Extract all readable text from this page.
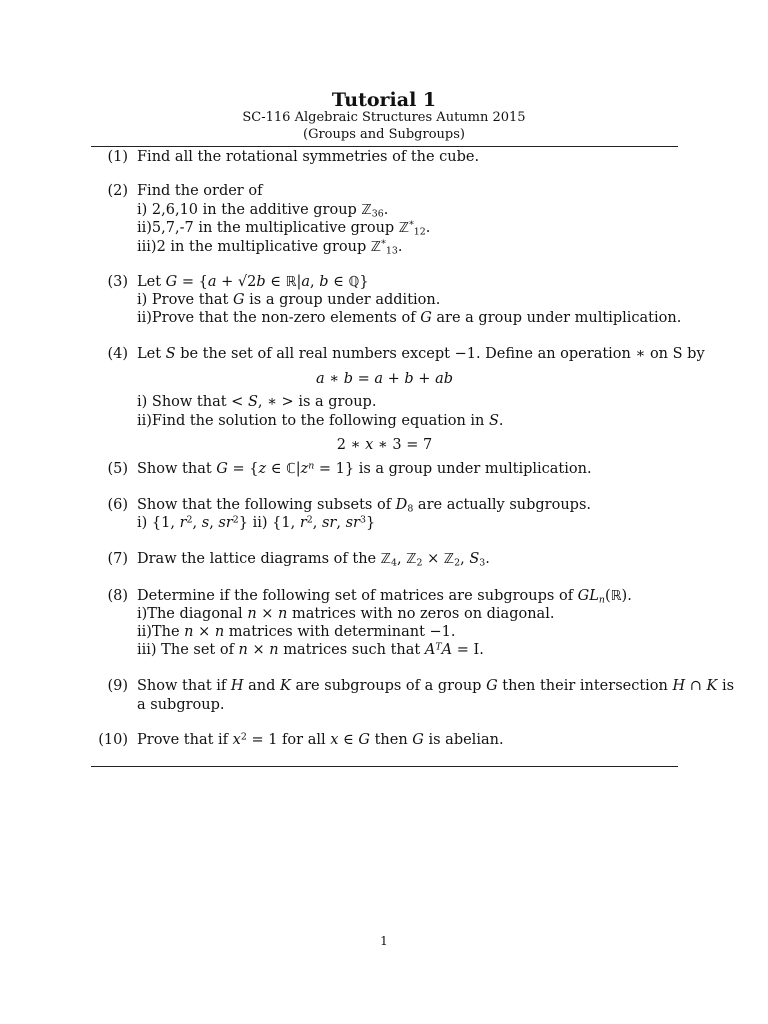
Tutorial 1
SC-116 Algebraic Structures Autumn 2015
(Groups and Subgroups)
(1) Find all the rotational symmetries of the cube.
(2) Find the order of
i) 2,6,10 in the additive group ℤ$_{36}$.
ii)5,7,-7 in the multiplicative group ℤ*$_{12}$.
iii)2 in the multiplicative group ℤ*$_{13}$.
(3) Let G = {a + √2b ∈ ℝ|a, b ∈ ℚ}
i) Prove that G is a group under addition.
ii)Prove that the non-zero elements of G are a group under multiplication.
(4) Let S be the set of all real numbers except −1. Define an operation ∗ on S by
a ∗ b = a + b + ab
i) Show that < S, ∗ > is a group.
ii)Find the solution to the following equation in S.
2 ∗ x ∗ 3 = 7
(5) Show that G = {z ∈ $ℂ|z^n = 1$} is a group under multiplication.
(6) Show that the following subsets of $D_8$ are actually subgroups.
i) {1, $r^2$, s, $sr^2$} ii) {1, $r^2$, sr, $sr^3$}
(7) Draw the lattice diagrams of the ℤ$_4$, ℤ$_2$ × ℤ$_2$, $S_3$.
(8) Determine if the following set of matrices are subgroups of $GL_n(ℝ)$.
i)The diagonal n × n matrices with no zeros on diagonal.
ii)The n × n matrices with determinant −1.
iii) The set of n × n matrices such that $A^TA = I$.
(9) Show that if H and K are subgroups of a group G then their intersection H ∩ K is
a subgroup.
(10) Prove that if $x^2 = 1$ for all x ∈ G then G is abelian.
1
